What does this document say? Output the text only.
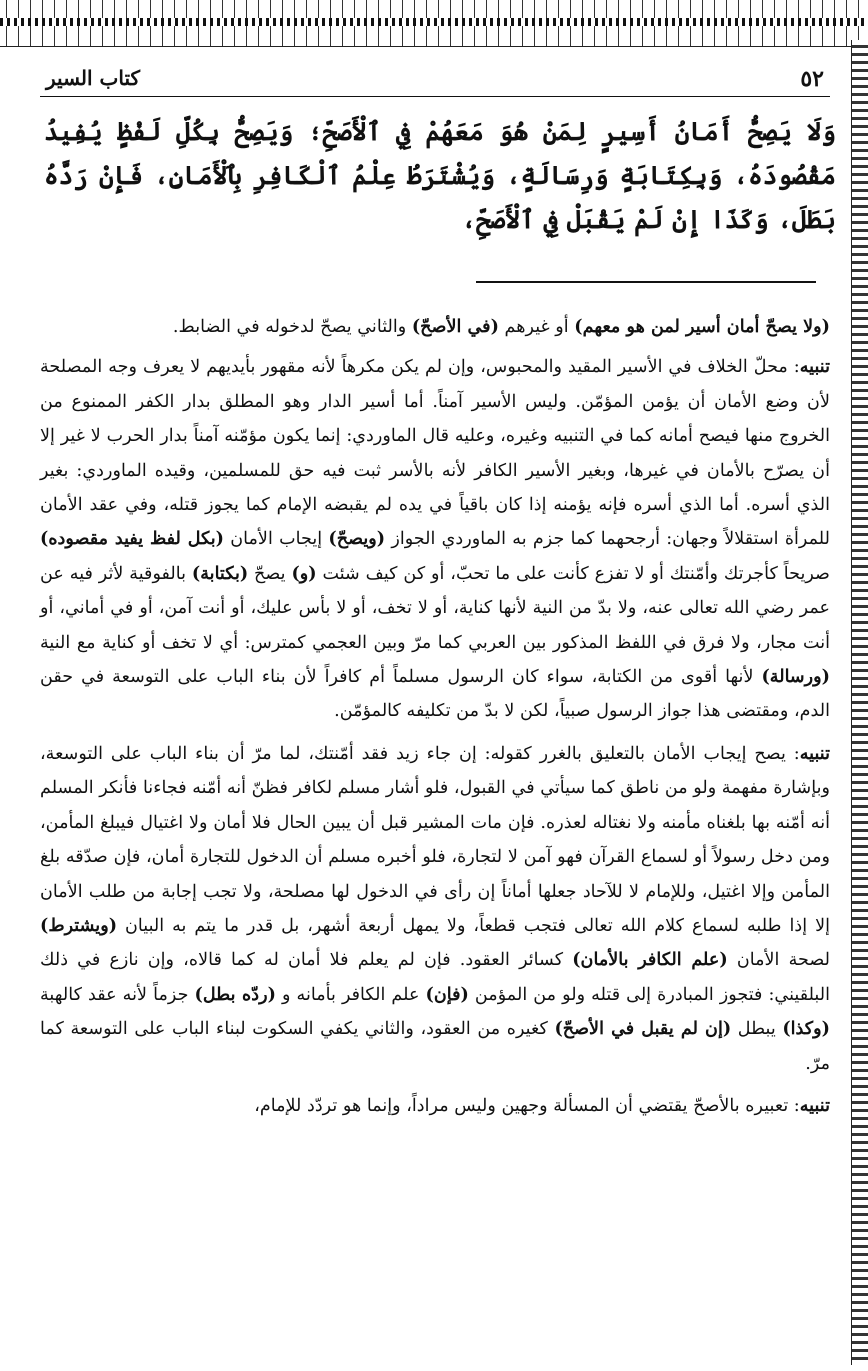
٥٢
كتاب السير

وَلَا يَصِحُّ أَمَانُ أَسِيرٍ لِمَنْ هُوَ مَعَهُمْ فِي ٱلْأَصَحِّ؛ وَيَصِحُّ بِكُلِّ لَفْظٍ يُفِيدُ مَقْصُودَهُ، وَبِكِتَابَةٍ وَرِسَالَةٍ، وَيُشْتَرَطُ عِلْمُ ٱلْكَافِرِ بِٱلْأَمَانِ، فَإِنْ رَدَّهُ بَطَلَ، وَكَذَا إِنْ لَمْ يَقْبَلْ فِي ٱلْأَصَحِّ،

(ولا يصحّ أمان أسير لمن هو معهم) أو غيرهم (في الأصحّ) والثاني يصحّ لدخوله في الضابط.

تنبيه: محلّ الخلاف في الأسير المقيد والمحبوس، وإن لم يكن مكرهاً لأنه مقهور بأيديهم لا يعرف وجه المصلحة لأن وضع الأمان أن يؤمن المؤمّن. وليس الأسير آمناً. أما أسير الدار وهو المطلق بدار الكفر الممنوع من الخروج منها فيصح أمانه كما في التنبيه وغيره، وعليه قال الماوردي: إنما يكون مؤمّنه آمناً بدار الحرب لا غير إلا أن يصرّح بالأمان في غيرها، وبغير الأسير الكافر لأنه بالأسر ثبت فيه حق للمسلمين، وقيده الماوردي: بغير الذي أسره. أما الذي أسره فإنه يؤمنه إذا كان باقياً في يده لم يقبضه الإمام كما يجوز قتله، وفي عقد الأمان للمرأة استقلالاً وجهان: أرجحهما كما جزم به الماوردي الجواز (ويصحّ) إيجاب الأمان (بكل لفظ يفيد مقصوده) صريحاً كأجرتك وأمّنتك أو لا تفزع كأنت على ما تحبّ، أو كن كيف شئت (و) يصحّ (بكتابة) بالفوقية لأثر فيه عن عمر رضي الله تعالى عنه، ولا بدّ من النية لأنها كناية، أو لا تخف، أو لا بأس عليك، أو أنت آمن، أو في أماني، أو أنت مجار، ولا فرق في اللفظ المذكور بين العربي كما مرّ وبين العجمي كمترس: أي لا تخف أو كناية مع النية (ورسالة) لأنها أقوى من الكتابة، سواء كان الرسول مسلماً أم كافراً لأن بناء الباب على التوسعة في حقن الدم، ومقتضى هذا جواز الرسول صبياً، لكن لا بدّ من تكليفه كالمؤمّن.

تنبيه: يصح إيجاب الأمان بالتعليق بالغرر كقوله: إن جاء زيد فقد أمّنتك، لما مرّ أن بناء الباب على التوسعة، وبإشارة مفهمة ولو من ناطق كما سيأتي في القبول، فلو أشار مسلم لكافر فظنّ أنه أمّنه فجاءنا فأنكر المسلم أنه أمّنه بها بلغناه مأمنه ولا نغتاله لعذره. فإن مات المشير قبل أن يبين الحال فلا أمان ولا اغتيال فيبلغ المأمن، ومن دخل رسولاً أو لسماع القرآن فهو آمن لا لتجارة، فلو أخبره مسلم أن الدخول للتجارة أمان، فإن صدّقه بلغ المأمن وإلا اغتيل، وللإمام لا للآحاد جعلها أماناً إن رأى في الدخول لها مصلحة، ولا تجب إجابة من طلب الأمان إلا إذا طلبه لسماع كلام الله تعالى فتجب قطعاً، ولا يمهل أربعة أشهر، بل قدر ما يتم به البيان (ويشترط) لصحة الأمان (علم الكافر بالأمان) كسائر العقود. فإن لم يعلم فلا أمان له كما قالاه، وإن نازع في ذلك البلقيني: فتجوز المبادرة إلى قتله ولو من المؤمن (فإن) علم الكافر بأمانه و (ردّه بطل) جزماً لأنه عقد كالهبة (وكذا) يبطل (إن لم يقبل في الأصحّ) كغيره من العقود، والثاني يكفي السكوت لبناء الباب على التوسعة كما مرّ.

تنبيه: تعبيره بالأصحّ يقتضي أن المسألة وجهين وليس مراداً، وإنما هو تردّد للإمام،
